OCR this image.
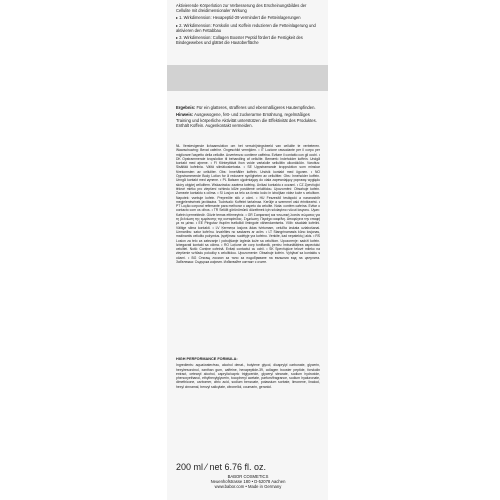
Aktivierende Körperlotion zur Verbesserung des Erscheinungsbildes der Cellulite mit dreidimensionaler Wirkung

▸1. Wirkdimension: Hexapeptid-39 vermindert die Fetteinlagerungen

▸2. Wirkdimension: Forskolin und Koffein reduzieren die Fetteinlagerung und aktivieren den Fettabbau

▸3. Wirkdimension: Collagen Booster Peptid fördert die Festigkeit des Bindegewebes und glättet die Hautoberfläche

Ergebnis: Für ein glatteres, strafferes und ebenmäßigeres Hautempfinden.

Hinweis: Ausgewogene, fett- und zuckerarme Ernährung, regelmäßiges Training und körperliche Aktivität unterstützen die Effektivität des Produktes. Enthält Koffein. Augenkontakt vermeiden.

NL Verstevigende lichaamslotion om het verschijningsbeeld van cellulite te verbeteren. Waarschuwing: Bevat cafeïne. Ongeschikt vermijden. • IT Lozione rassodante per il corpo per migliorare l'aspetto della cellulite. Avvertenza: contiene caffeina. Evitare il contatto con gli occhi. • DK Opstrammende kropslotion til behandling af cellulite. Bemærk: Indeholder koffein. Undgå kontakt med øjnene. • FI Kiinteyttävä ihon voide vartalolle selluliitin ulkonäköön. Varoitus: Sisältää kofeiinia. Vältä silmäkosketusta. • SE Uppstramande kroppslotion som minskar förekomsten av celluliter. Obs: Innehåller koffein. Undvik kontakt med ögonen. • NO Oppstrammende Body Lotion for å redusere synligheten av cellulitter. Obs: Inneholder koffein. Unngå kontakt med øynene. • PL Balsam ujędrniający do ciała zapewniający poprawę wyglądu skóry objętej cellulitem. Wskazówka: zawiera kofeinę. Unikać kontaktu z oczami. • CZ Zpevňující tělové mléko pro zlepšení vzhledu kůže postižené celulitidou. Upozornění: Obsahuje kofein. Zamezte kontaktu s očima. • SI Losjon za telo za čvrsto kožo in izboljšan videz kože s celulitom. Napotek: vsebuje kofein. Preprečite stik z očmi. • HU Feszesítő testápoló a narancsbőr megjelenésének javítására. Tudnivaló: Koffeint tartalmaz. Kerülje a szemmel való érintkezést. • PT Loção corporal refirmante para melhorar o aspeto da celulite. Nota: contém cafeína. Evitar o contacto com os olhos. • TR Selülit görünümünü düzeltmek için sıkılaştırıcı vücut losyonu. Uyarı: Kafein içermektedir. Gözle temas ettirmeyiniz. • GR Συσφικτική και τονωτική λοσιόν σώματος για τη βελτίωση της εμφάνισης της κυτταρίτιδας. Σημείωση: Περιέχει καφεΐνη. Αποφύγετε την επαφή με τα μάτια. • EE Pingutav ihupiim tselluliidi ilmingute vähendamiseks. Võib: sisaldab kofeiini. Vältige silma kontakti. • LV Ķermeņa losjons ādas tvirtumam, celulīta izskata uzlabošanai. Uzmanību: satur kofeīnu. Izvairīties no saskares ar acīm. • LT Stangrinamasis kūno losjonas, mažinantis celiulito požymius. Įspėjimas: sudėtyje yra kofeino. Venkite, kad nepatektų į akis. • RS Losion za telo za zatezanje i poboljšanje izgleda kože sa celulitom. Upozorenje: sadrži kofein. Izbegavati kontakt sa očima. • RO Loțiune de corp tonifiantă, pentru îmbunătățirea aspectului celulitei. Notă: Conține cofeină. Evitați contactul cu ochii. • SK Spevňujúce telové mlieko na zlepšenie vzhľadu pokožky s celulitídou. Upozornenie: Obsahuje kofeín. Vyhýbať sa kontaktu s očami. • BG Стягащ лосион за тяло за подобряване на външния вид на целулита. Забележка: Съдържа кофеин. Избягвайте контакт с очите.

HIGH PERFORMANCE FORMULA:

Ingredients: aqua/water/eau, alcohol denat., butylene glycol, dicaprylyl carbonate, glycerin, hexylresorcinol, xanthan gum, caffeine, hexapeptide-39, collagen booster peptide, forskolin extract, cetearyl alcohol, caprylic/capric triglyceride, glyceryl stearate, sodium hydroxide, phenoxyethanol, ethylhexylglycerin, tocopheryl acetate, parfum/fragrance, sodium hyaluronate, dimethicone, carbomer, citric acid, sodium benzoate, potassium sorbate, limonene, linalool, hexyl cinnamal, benzyl salicylate, citronellol, coumarin, geraniol.

200 ml ⁄ net 6.76 fl. oz.
BABOR COSMETICS
Neuenhofstrasse 180 • D-52078 Aachen
www.babor.com • Made in Germany
